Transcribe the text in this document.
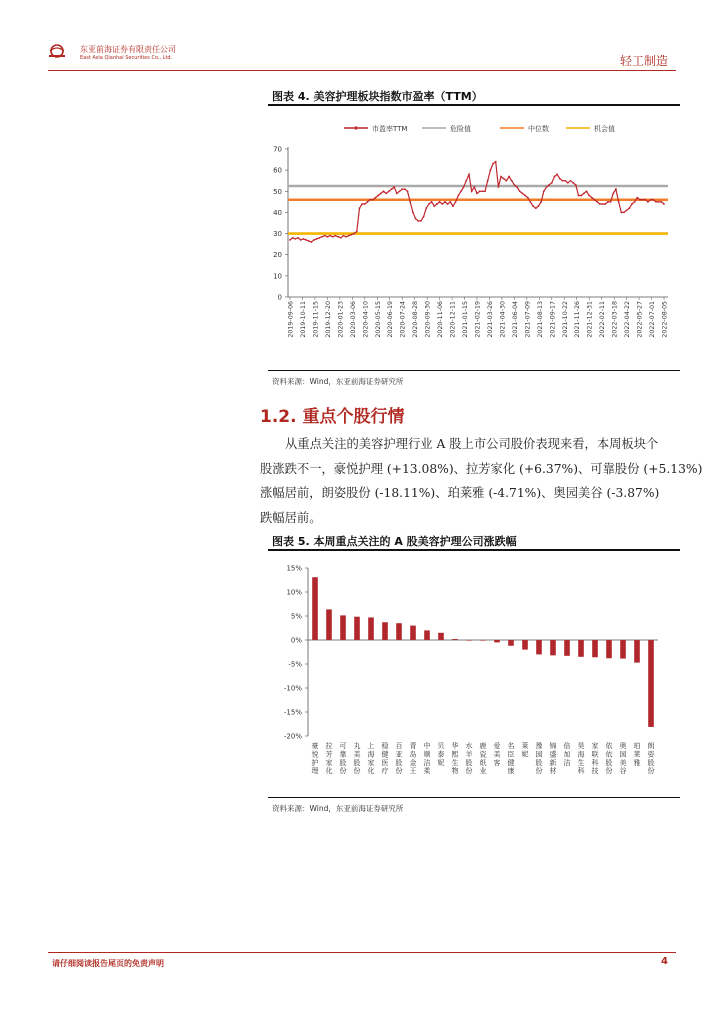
东亚前海证券有限责任公司
East Asia Qianhai Securities Co., Ltd.	轻工制造
图表 4. 美容护理板块指数市盈率（TTM）
市盈率TTM	危险值	中位数	机会值
0
10
20
30
40
50
60
70
2019-09-06 2019-10-11 2019-11-15 2019-12-20 2020-01-23 2020-03-06 2020-04-10 2020-05-15 2020-06-19 2020-07-24 2020-08-28 2020-09-30 2020-11-06 2020-12-11 2021-01-15 2021-02-19 2021-03-26 2021-04-30 2021-06-04 2021-07-09 2021-08-13 2021-09-17 2021-10-22 2021-11-26 2021-12-31 2022-02-11 2022-03-18 2022-04-22 2022-05-27 2022-07-01 2022-08-05
资料来源：Wind，东亚前海证券研究所
1.2. 重点个股行情
从重点关注的美容护理行业 A 股上市公司股价表现来看，本周板块个
股涨跌不一，豪悦护理 (+13.08%)、拉芳家化 (+6.37%)、可靠股份 (+5.13%)
涨幅居前，朗姿股份 (-18.11%)、珀莱雅 (-4.71%)、奥园美谷 (-3.87%)
跌幅居前。
图表 5. 本周重点关注的 A 股美容护理公司涨跌幅
15%
10%
5%
0%
-5%
-10%
-15%
-20%
豪悦护理
拉芳家化
可靠股份
丸美股份
上海家化
稳健医疗
百亚股份
青岛金王
中顺洁柔
贝泰妮
华熙生物
水羊股份
鹿瓷纸业
爱美客
名臣健康
莱妮
豫园股份
锦盛新材
倍加洁
昊海生科
家联科技
依依股份
奥园美谷
珀莱雅
朗姿股份
资料来源：Wind，东亚前海证券研究所
请仔细阅读报告尾页的免责声明	4
